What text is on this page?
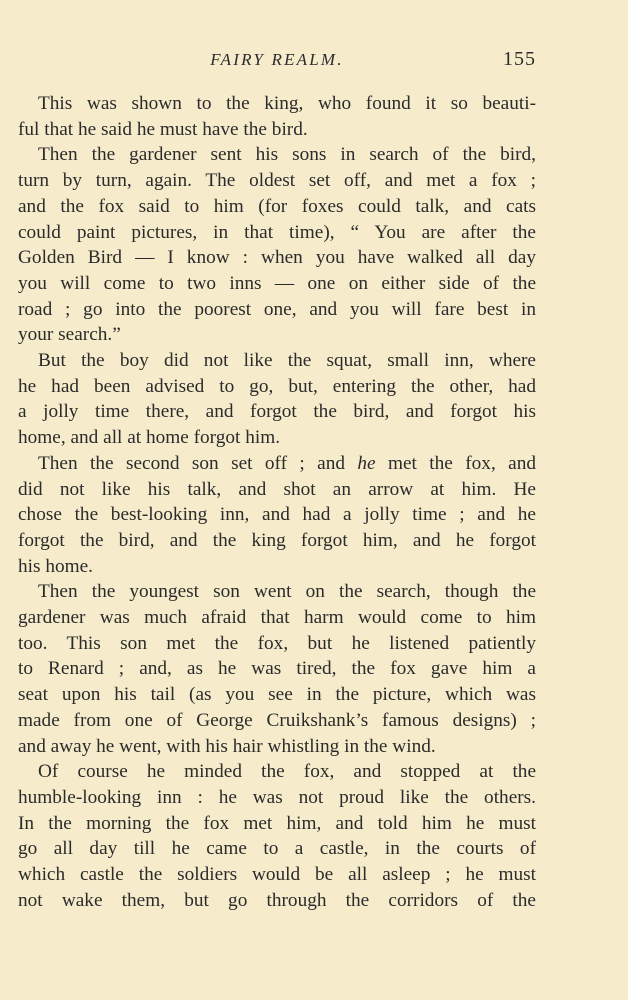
FAIRY REALM.	155

This was shown to the king, who found it so beauti-
ful that he said he must have the bird.

Then the gardener sent his sons in search of the bird,
turn by turn, again. The oldest set off, and met a fox ;
and the fox said to him (for foxes could talk, and cats
could paint pictures, in that time), “ You are after the
Golden Bird — I know : when you have walked all day
you will come to two inns — one on either side of the
road ; go into the poorest one, and you will fare best in
your search.”

But the boy did not like the squat, small inn, where
he had been advised to go, but, entering the other, had
a jolly time there, and forgot the bird, and forgot his
home, and all at home forgot him.

Then the second son set off ; and he met the fox, and
did not like his talk, and shot an arrow at him. He
chose the best-looking inn, and had a jolly time ; and he
forgot the bird, and the king forgot him, and he forgot
his home.

Then the youngest son went on the search, though the
gardener was much afraid that harm would come to him
too. This son met the fox, but he listened patiently
to Renard ; and, as he was tired, the fox gave him a
seat upon his tail (as you see in the picture, which was
made from one of George Cruikshank’s famous designs) ;
and away he went, with his hair whistling in the wind.

Of course he minded the fox, and stopped at the
humble-looking inn : he was not proud like the others.
In the morning the fox met him, and told him he must
go all day till he came to a castle, in the courts of
which castle the soldiers would be all asleep ; he must
not wake them, but go through the corridors of the
